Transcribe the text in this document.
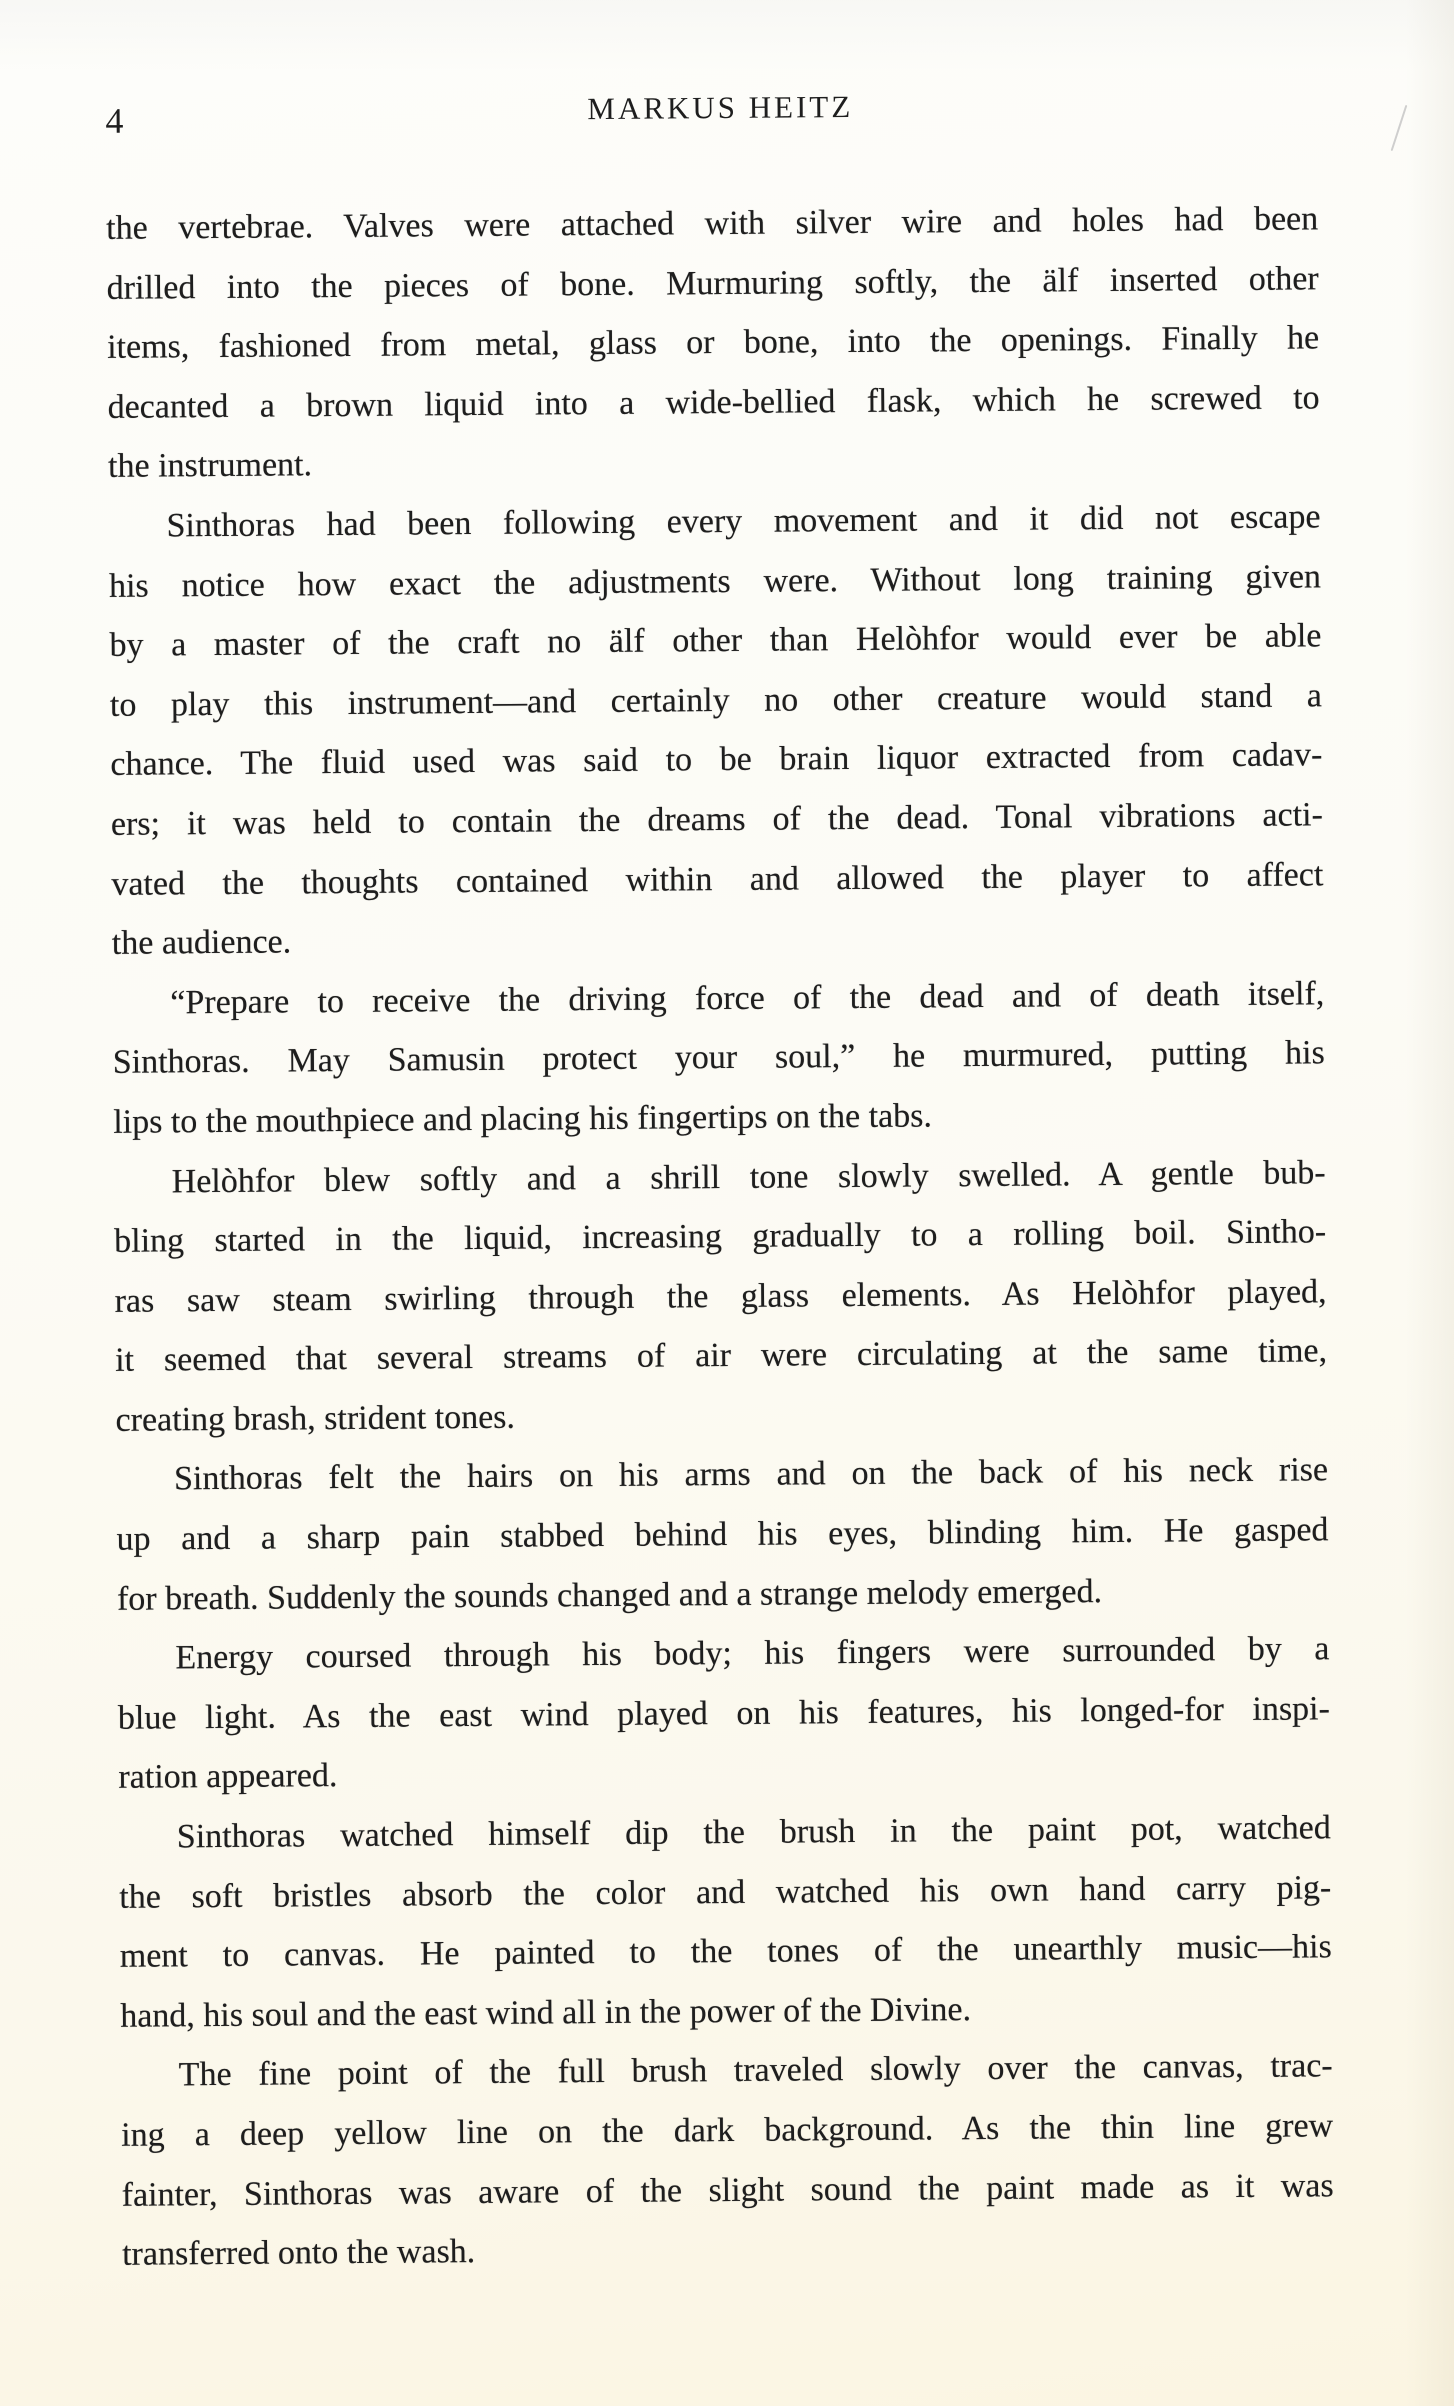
4	MARKUS HEITZ
the vertebrae. Valves were attached with silver wire and holes had been
drilled into the pieces of bone. Murmuring softly, the älf inserted other
items, fashioned from metal, glass or bone, into the openings. Finally he
decanted a brown liquid into a wide-bellied flask, which he screwed to
the instrument.
Sinthoras had been following every movement and it did not escape
his notice how exact the adjustments were. Without long training given
by a master of the craft no älf other than Helòhfor would ever be able
to play this instrument—and certainly no other creature would stand a
chance. The fluid used was said to be brain liquor extracted from cadav-
ers; it was held to contain the dreams of the dead. Tonal vibrations acti-
vated the thoughts contained within and allowed the player to affect
the audience.
“Prepare to receive the driving force of the dead and of death itself,
Sinthoras. May Samusin protect your soul,” he murmured, putting his
lips to the mouthpiece and placing his fingertips on the tabs.
Helòhfor blew softly and a shrill tone slowly swelled. A gentle bub-
bling started in the liquid, increasing gradually to a rolling boil. Sintho-
ras saw steam swirling through the glass elements. As Helòhfor played,
it seemed that several streams of air were circulating at the same time,
creating brash, strident tones.
Sinthoras felt the hairs on his arms and on the back of his neck rise
up and a sharp pain stabbed behind his eyes, blinding him. He gasped
for breath. Suddenly the sounds changed and a strange melody emerged.
Energy coursed through his body; his fingers were surrounded by a
blue light. As the east wind played on his features, his longed-for inspi-
ration appeared.
Sinthoras watched himself dip the brush in the paint pot, watched
the soft bristles absorb the color and watched his own hand carry pig-
ment to canvas. He painted to the tones of the unearthly music—his
hand, his soul and the east wind all in the power of the Divine.
The fine point of the full brush traveled slowly over the canvas, trac-
ing a deep yellow line on the dark background. As the thin line grew
fainter, Sinthoras was aware of the slight sound the paint made as it was
transferred onto the wash.
